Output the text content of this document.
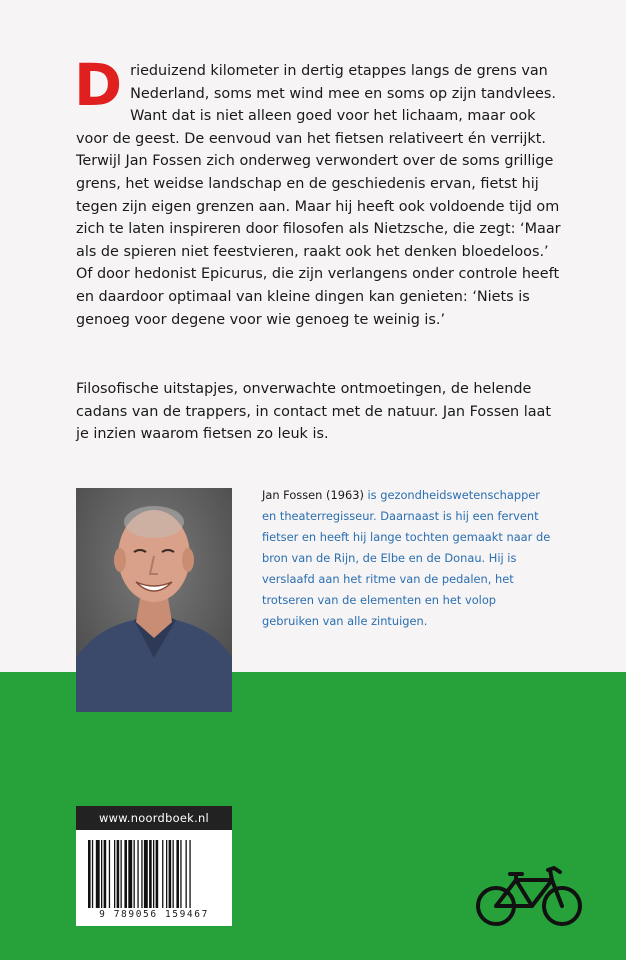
Drieduizend kilometer in dertig etappes langs de grens van Nederland, soms met wind mee en soms op zijn tandvlees. Want dat is niet alleen goed voor het lichaam, maar ook voor de geest. De eenvoud van het fietsen relativeert én verrijkt. Terwijl Jan Fossen zich onderweg verwondert over de soms grillige grens, het weidse landschap en de geschiedenis ervan, fietst hij tegen zijn eigen grenzen aan. Maar hij heeft ook voldoende tijd om zich te laten inspireren door filosofen als Nietzsche, die zegt: ‘Maar als de spieren niet feestvieren, raakt ook het denken bloedeloos.’ Of door hedonist Epicurus, die zijn verlangens onder controle heeft en daardoor optimaal van kleine dingen kan genieten: ‘Niets is genoeg voor degene voor wie genoeg te weinig is.’

Filosofische uitstapjes, onverwachte ontmoetingen, de helende cadans van de trappers, in contact met de natuur. Jan Fossen laat je inzien waarom fietsen zo leuk is.

Jan Fossen (1963) is gezondheidswetenschapper en theaterregisseur. Daarnaast is hij een fervent fietser en heeft hij lange tochten gemaakt naar de bron van de Rijn, de Elbe en de Donau. Hij is verslaafd aan het ritme van de pedalen, het trotseren van de elementen en het volop gebruiken van alle zintuigen.

www.noordboek.nl
9 789056 159467
